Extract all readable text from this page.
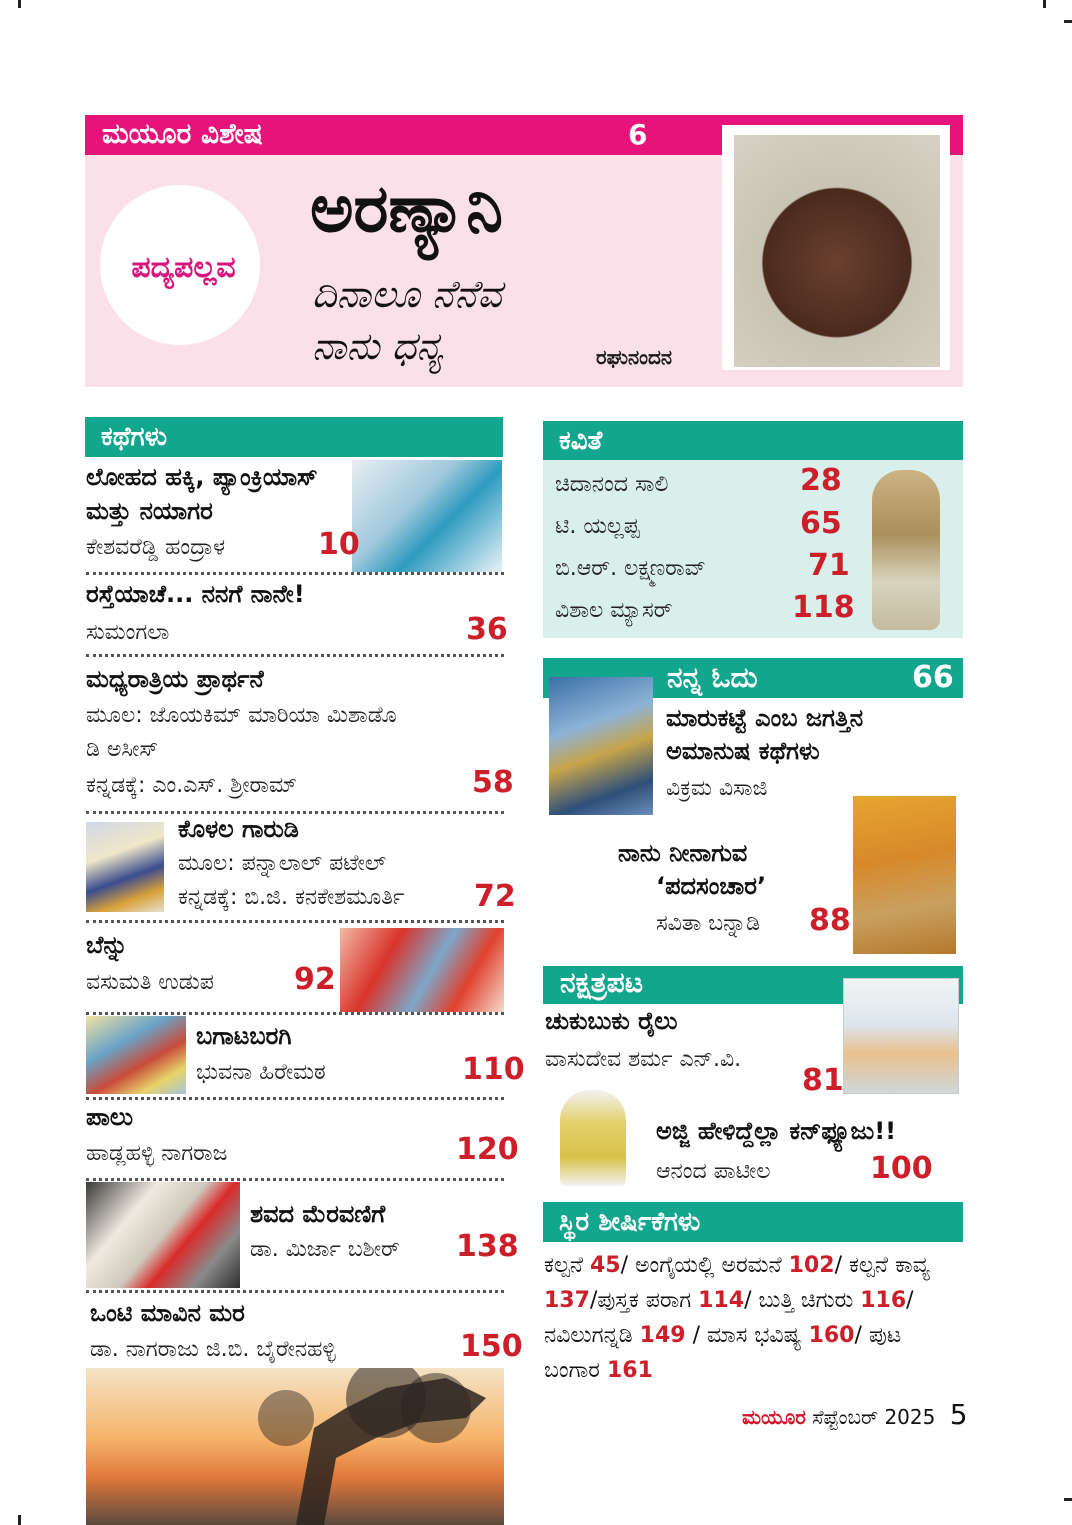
ಮಯೂರ ವಿಶೇಷ	6
ಪದ್ಯಪಲ್ಲವ
ಅರಣ್ಯಾನಿ
ದಿನಾಲೂ ನೆನೆವ
ನಾನು ಧನ್ಯ	ರಘುನಂದನ
ಕಥೆಗಳು
ಲೋಹದ ಹಕ್ಕಿ, ಪ್ಯಾಂಕ್ರಿಯಾಸ್
ಮತ್ತು ನಯಾಗರ
ಕೇಶವರೆಡ್ಡಿ ಹಂದ್ರಾಳ	10
ರಸ್ತೆಯಾಚೆ... ನನಗೆ ನಾನೇ!
ಸುಮಂಗಲಾ	36
ಮಧ್ಯರಾತ್ರಿಯ ಪ್ರಾರ್ಥನೆ
ಮೂಲ: ಜೊಯಕಿಮ್ ಮಾರಿಯಾ ಮಿಶಾಡೊ
ಡಿ ಅಸೀಸ್
ಕನ್ನಡಕ್ಕೆ: ಎಂ.ಎಸ್. ಶ್ರೀರಾಮ್	58
ಕೊಳಲ ಗಾರುಡಿ
ಮೂಲ: ಪನ್ನಾಲಾಲ್ ಪಟೇಲ್
ಕನ್ನಡಕ್ಕೆ: ಬಿ.ಜಿ. ಕನಕೇಶಮೂರ್ತಿ 72
ಬೆನ್ನು
ವಸುಮತಿ ಉಡುಪ	92
ಬಗಾಟಬರಗಿ
ಭುವನಾ ಹಿರೇಮಠ	110
ಪಾಲು
ಹಾಡ್ಲಹಳ್ಳಿ ನಾಗರಾಜ	120
ಶವದ ಮೆರವಣಿಗೆ
ಡಾ. ಮಿರ್ಜಾ ಬಶೀರ್ 138
ಒಂಟಿ ಮಾವಿನ ಮರ
ಡಾ. ನಾಗರಾಜು ಜಿ.ಬಿ. ಬೈರೇನಹಳ್ಳಿ	150
ಕವಿತೆ
ಚಿದಾನಂದ ಸಾಲಿ	28
ಟಿ. ಯಲ್ಲಪ್ಪ	65
ಬಿ.ಆರ್. ಲಕ್ಷ್ಮಣರಾವ್	71
ವಿಶಾಲ ಮ್ಯಾಸರ್	118
ನನ್ನ ಓದು	66
ಮಾರುಕಟ್ಟೆ ಎಂಬ ಜಗತ್ತಿನ
ಅಮಾನುಷ ಕಥೆಗಳು
ವಿಕ್ರಮ ವಿಸಾಜಿ
ನಾನು ನೀನಾಗುವ
‘ಪದಸಂಚಾರ’
ಸವಿತಾ ಬನ್ನಾಡಿ 88
ನಕ್ಷತ್ರಪಟ
ಚುಕುಬುಕು ರೈಲು
ವಾಸುದೇವ ಶರ್ಮ ಎನ್.ವಿ.
81
ಅಜ್ಜಿ ಹೇಳಿದ್ದೆಲ್ಲಾ ಕನ್‌ಫ್ಯೂಜು!!
ಆನಂದ ಪಾಟೀಲ	100
ಸ್ಥಿರ ಶೀರ್ಷಿಕೆಗಳು
ಕಲ್ಪನೆ 45/ ಅಂಗೈಯಲ್ಲಿ ಅರಮನೆ 102/ ಕಲ್ಪನೆ ಕಾವ್ಯ 137/ಪುಸ್ತಕ ಪರಾಗ 114/ ಬುತ್ತಿ ಚಿಗುರು 116/ ನವಿಲುಗನ್ನಡಿ 149 / ಮಾಸ ಭವಿಷ್ಯ 160/ ಪುಟ ಬಂಗಾರ 161
ಮಯೂರ ಸೆಪ್ಟೆಂಬರ್ 2025 5
